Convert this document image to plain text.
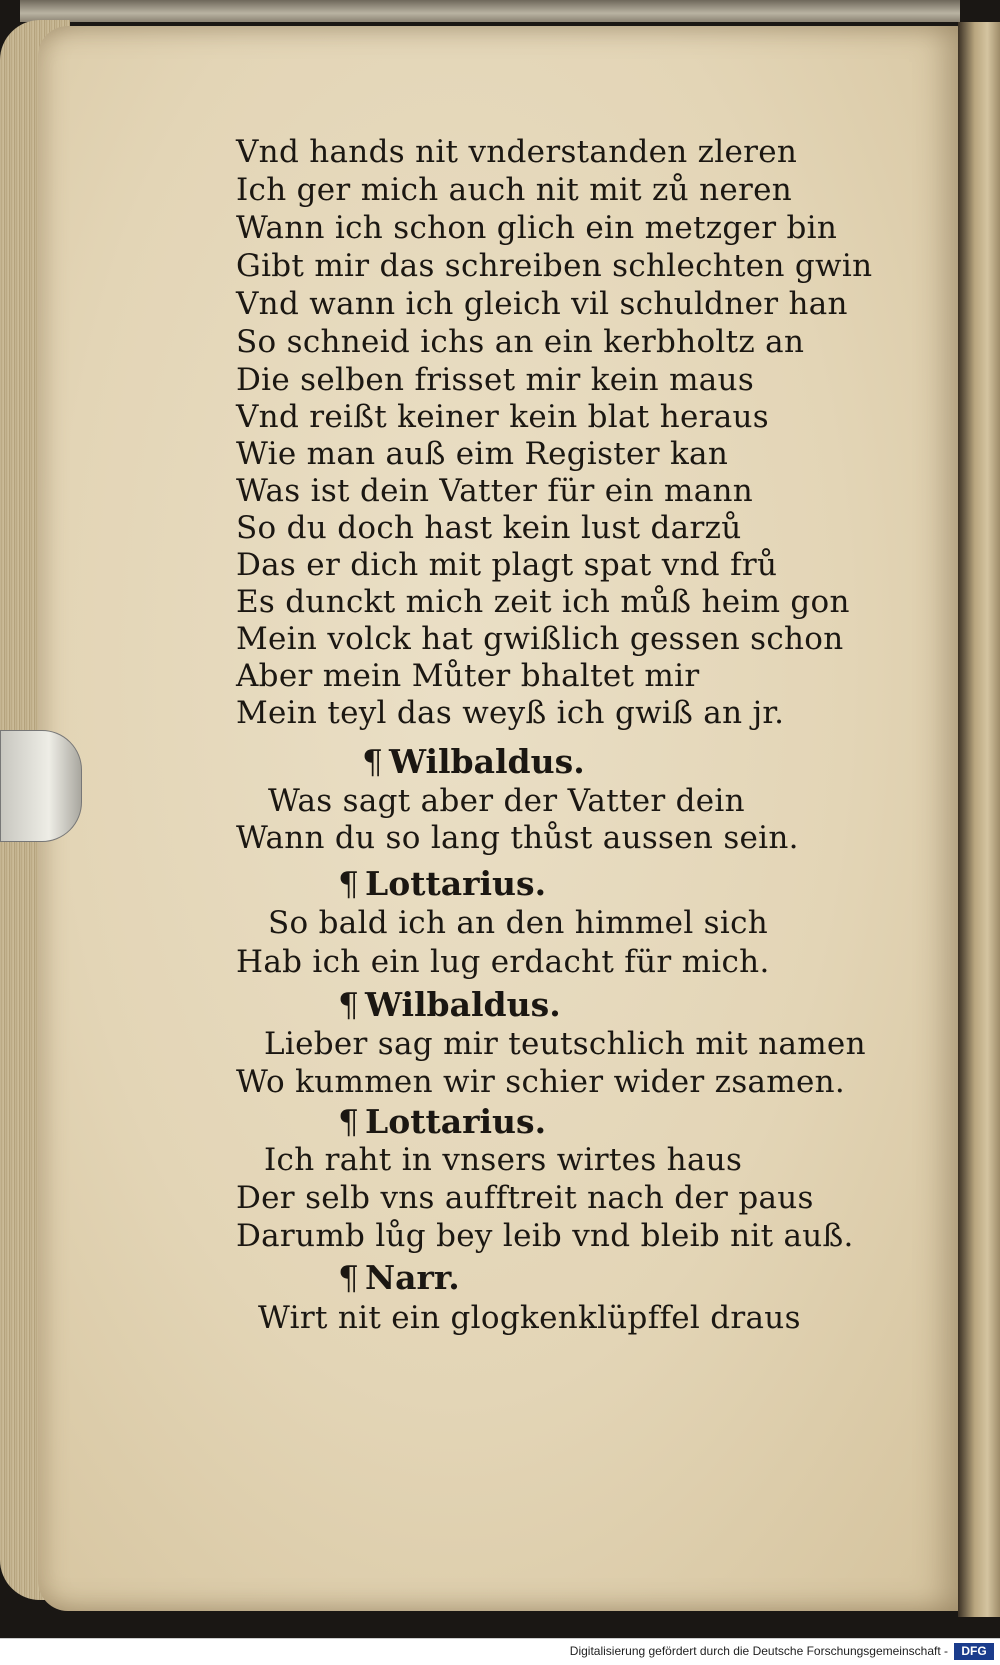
Vnd hands nit vnderstanden zleren
Ich ger mich auch nit mit zů neren
Wann ich schon glich ein metzger bin
Gibt mir das schreiben schlechten gwin
Vnd wann ich gleich vil schuldner han
So schneid ichs an ein kerbholtz an
Die selben frisset mir kein maus
Vnd reißt keiner kein blat heraus
Wie man auß eim Register kan
Was ist dein Vatter für ein mann
So du doch hast kein lust darzů
Das er dich mit plagt spat vnd frů
Es dunckt mich zeit ich můß heim gon
Mein volck hat gwißlich gessen schon
Aber mein Můter bhaltet mir
Mein teyl das weyß ich gwiß an jr.
¶ Wilbaldus.
Was sagt aber der Vatter dein
Wann du so lang thůst aussen sein.
¶ Lottarius.
So bald ich an den himmel sich
Hab ich ein lug erdacht für mich.
¶ Wilbaldus.
Lieber sag mir teutschlich mit namen
Wo kummen wir schier wider zsamen.
¶ Lottarius.
Ich raht in vnsers wirtes haus
Der selb vns aufftreit nach der paus
Darumb lůg bey leib vnd bleib nit auß.
¶ Narr.
Wirt nit ein glogkenklüpffel draus
Digitalisierung gefördert durch die Deutsche Forschungsgemeinschaft -	DFG
